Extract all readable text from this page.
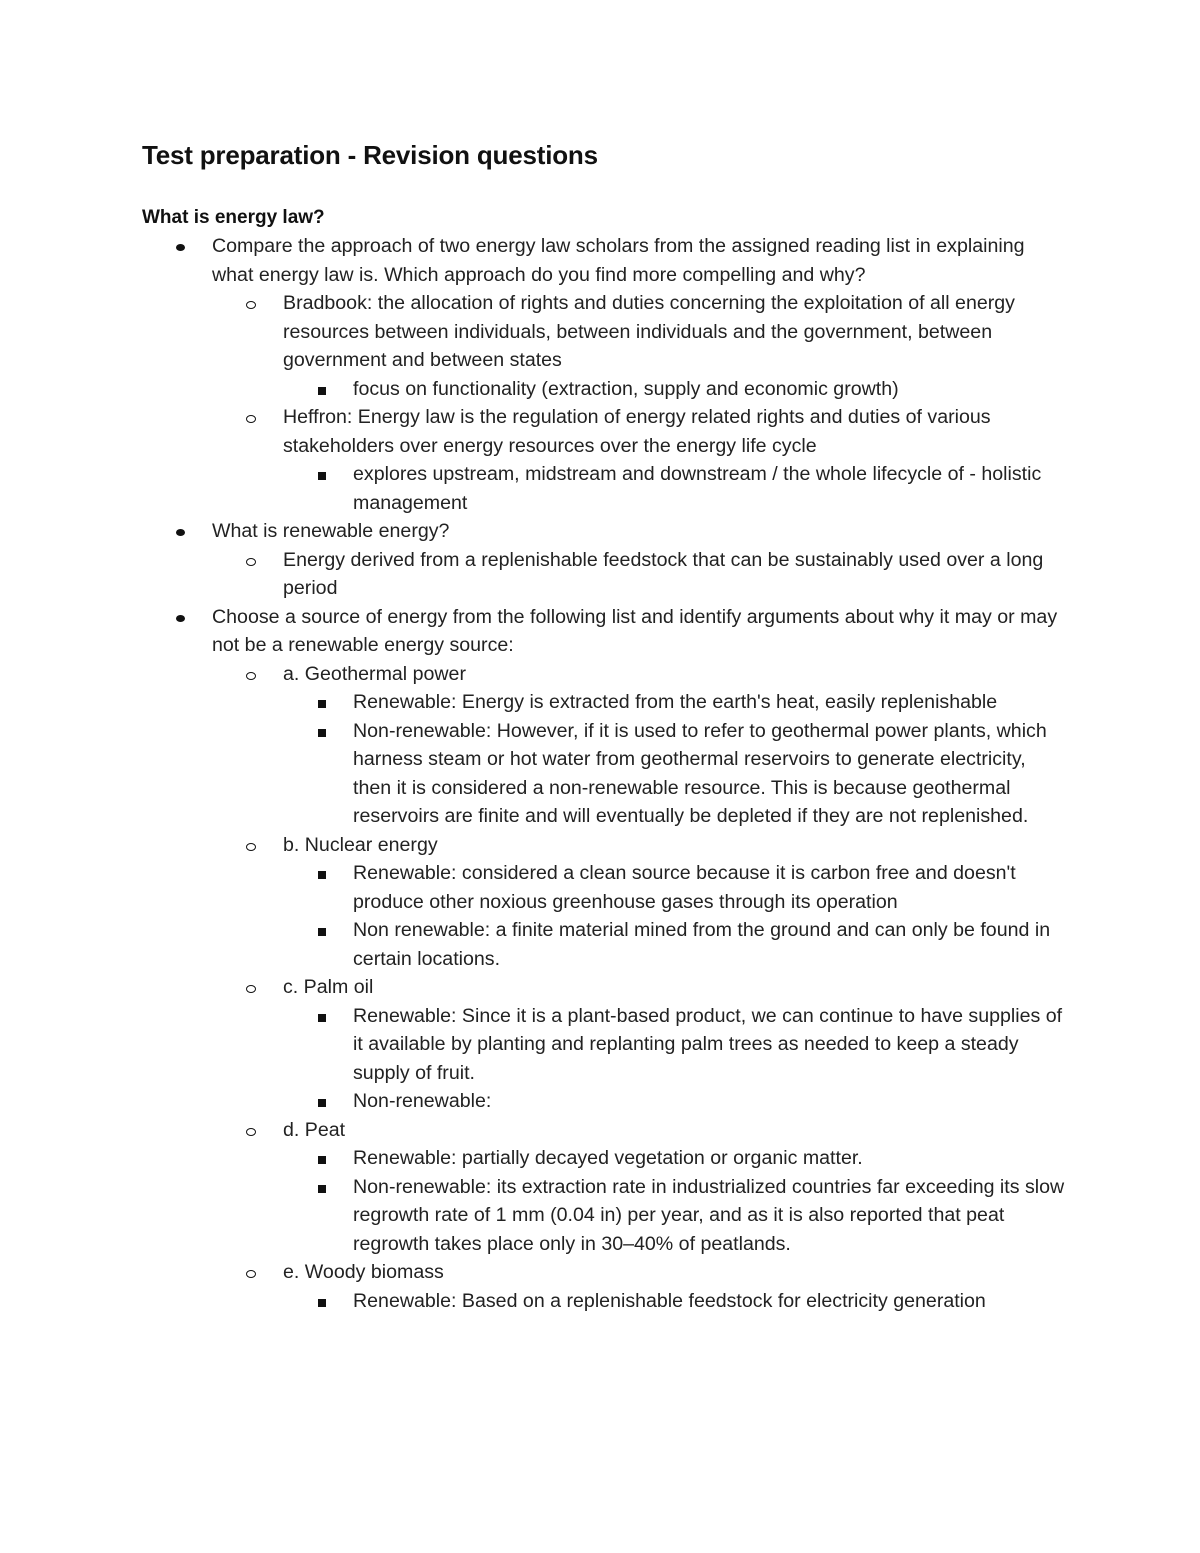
Test preparation - Revision questions
What is energy law?
Compare the approach of two energy law scholars from the assigned reading list in explaining what energy law is. Which approach do you find more compelling and why?
Bradbook: the allocation of rights and duties concerning the exploitation of all energy resources between individuals, between individuals and the government, between government and between states
focus on functionality (extraction, supply and economic growth)
Heffron: Energy law is the regulation of energy related rights and duties of various stakeholders over energy resources over the energy life cycle
explores upstream, midstream and downstream / the whole lifecycle of - holistic management
What is renewable energy?
Energy derived from a replenishable feedstock that can be sustainably used over a long period
Choose a source of energy from the following list and identify arguments about why it may or may not be a renewable energy source:
a. Geothermal power
Renewable: Energy is extracted from the earth's heat, easily replenishable
Non-renewable: However, if it is used to refer to geothermal power plants, which harness steam or hot water from geothermal reservoirs to generate electricity, then it is considered a non-renewable resource. This is because geothermal reservoirs are finite and will eventually be depleted if they are not replenished.
b. Nuclear energy
Renewable: considered a clean source because it is carbon free and doesn't produce other noxious greenhouse gases through its operation
Non renewable: a finite material mined from the ground and can only be found in certain locations.
c. Palm oil
Renewable: Since it is a plant-based product, we can continue to have supplies of it available by planting and replanting palm trees as needed to keep a steady supply of fruit.
Non-renewable:
d. Peat
Renewable: partially decayed vegetation or organic matter.
Non-renewable: its extraction rate in industrialized countries far exceeding its slow regrowth rate of 1 mm (0.04 in) per year, and as it is also reported that peat regrowth takes place only in 30–40% of peatlands.
e. Woody biomass
Renewable: Based on a replenishable feedstock for electricity generation
